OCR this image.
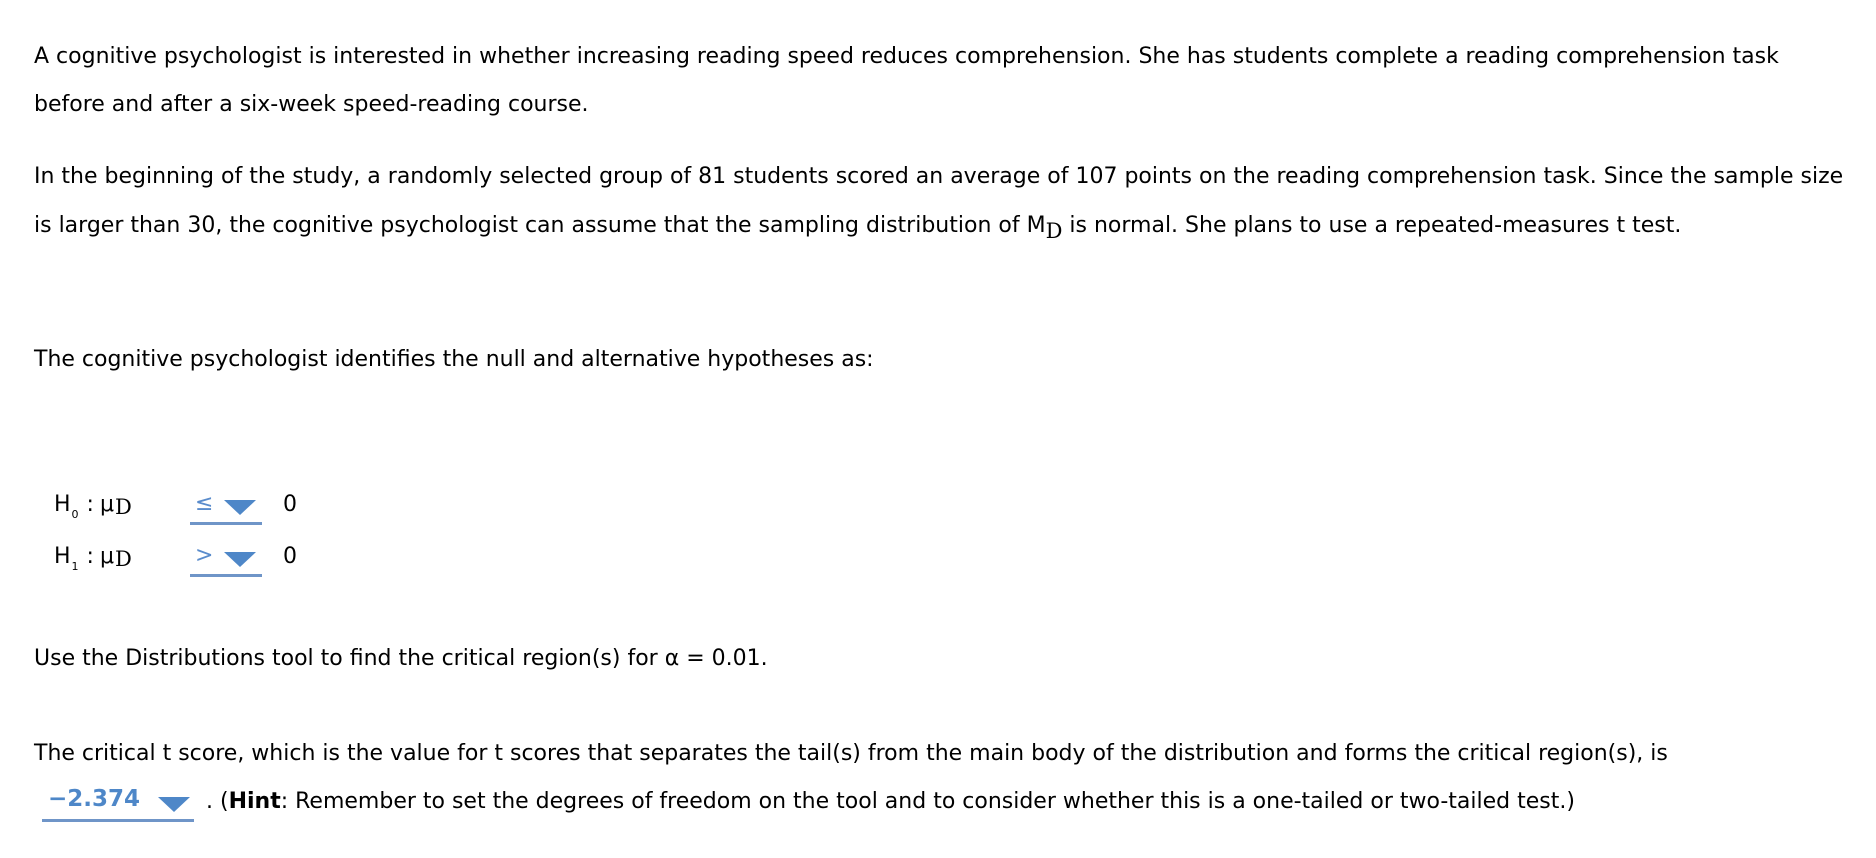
A cognitive psychologist is interested in whether increasing reading speed reduces comprehension. She has students complete a reading comprehension task before and after a six-week speed-reading course.

In the beginning of the study, a randomly selected group of 81 students scored an average of 107 points on the reading comprehension task. Since the sample size is larger than 30, the cognitive psychologist can assume that the sampling distribution of MD is normal. She plans to use a repeated-measures t test.

The cognitive psychologist identifies the null and alternative hypotheses as:

$H_0$ : μD	≤	0
$H_1$ : μD	>	0

Use the Distributions tool to find the critical region(s) for α = 0.01.

The critical t score, which is the value for t scores that separates the tail(s) from the main body of the distribution and forms the critical region(s), is

−2.374	. (Hint: Remember to set the degrees of freedom on the tool and to consider whether this is a one-tailed or two-tailed test.)
